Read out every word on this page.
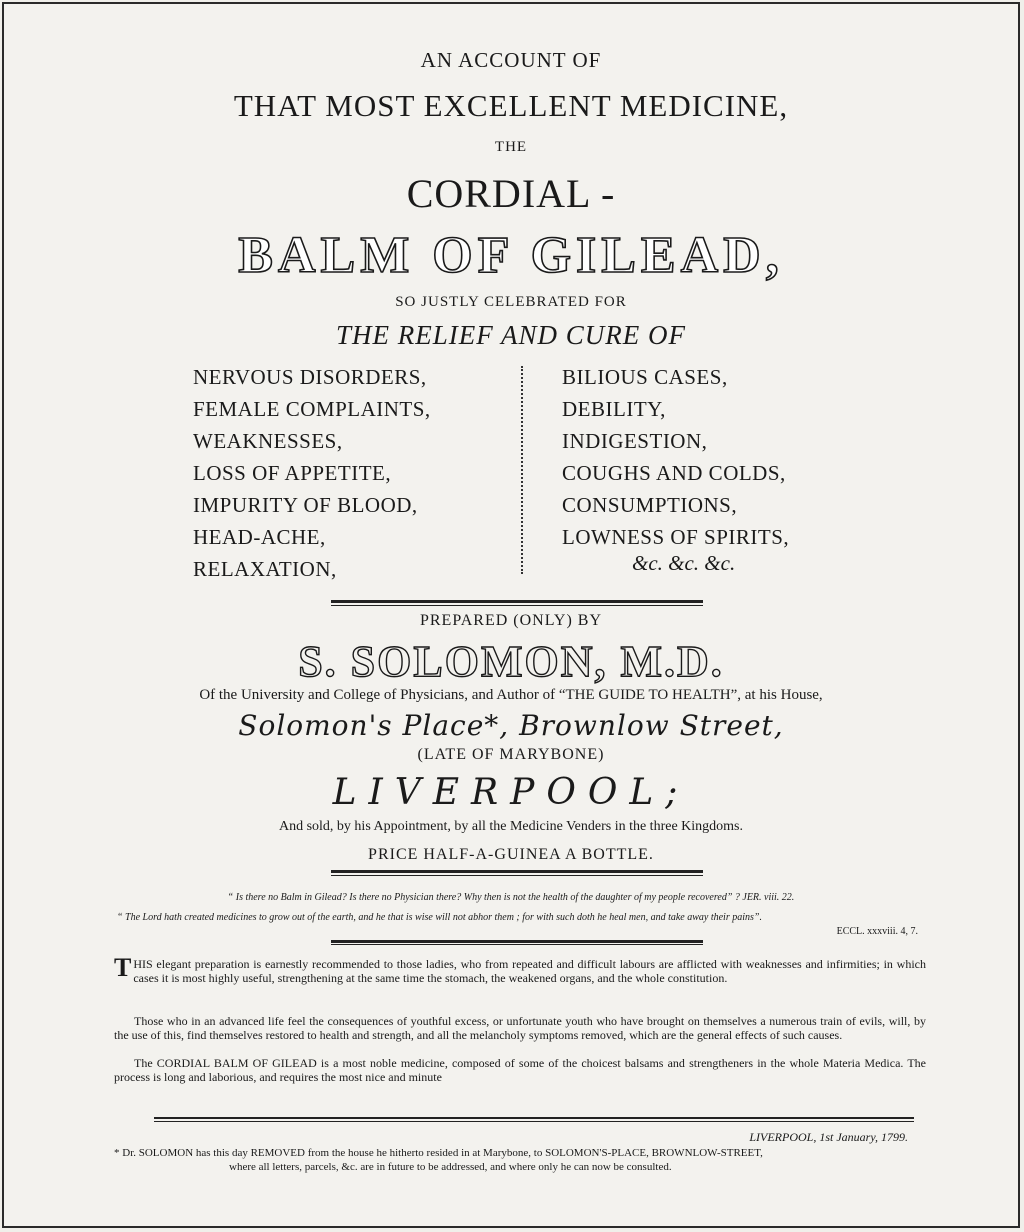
AN ACCOUNT OF
THAT MOST EXCELLENT MEDICINE,
THE
CORDIAL -

BALM OF GILEAD,
SO JUSTLY CELEBRATED FOR
THE RELIEF AND CURE OF
NERVOUS DISORDERS,
FEMALE COMPLAINTS,
WEAKNESSES,
LOSS OF APPETITE,
IMPURITY OF BLOOD,
HEAD-ACHE,
RELAXATION,
BILIOUS CASES,
DEBILITY,
INDIGESTION,
COUGHS AND COLDS,
CONSUMPTIONS,
LOWNESS OF SPIRITS,
&c. &c. &c.
PREPARED (ONLY) BY
S. SOLOMON, M.D.
Of the University and College of Physicians, and Author of “THE GUIDE TO HEALTH”, at his House,
Solomon's Place*, Brownlow Street,
(LATE OF MARYBONE)
LIVERPOOL;
And sold, by his Appointment, by all the Medicine Venders in the three Kingdoms.
PRICE HALF-A-GUINEA A BOTTLE.
“ Is there no Balm in Gilead? Is there no Physician there? Why then is not the health of the daughter of my people recovered” ? JER. viii. 22.
“ The Lord hath created medicines to grow out of the earth, and he that is wise will not abhor them ; for with such doth he heal men, and take away their pains”.
ECCL. xxxviii. 4, 7.
THIS elegant preparation is earnestly recommended to those ladies, who from repeated and difficult labours are afflicted with weaknesses and infirmities; in which cases it is most highly useful, strengthening at the same time the stomach, the weakened organs, and the whole constitution.
Those who in an advanced life feel the consequences of youthful excess, or unfortunate youth who have brought on themselves a numerous train of evils, will, by the use of this, find themselves restored to health and strength, and all the melancholy symptoms removed, which are the general effects of such causes.
The CORDIAL BALM OF GILEAD is a most noble medicine, composed of some of the choicest balsams and strengtheners in the whole Materia Medica. The process is long and laborious, and requires the most nice and minute
LIVERPOOL, 1st January, 1799.
* Dr. SOLOMON has this day REMOVED from the house he hitherto resided in at Marybone, to SOLOMON'S-PLACE, BROWNLOW-STREET,
where all letters, parcels, &c. are in future to be addressed, and where only he can now be consulted.
